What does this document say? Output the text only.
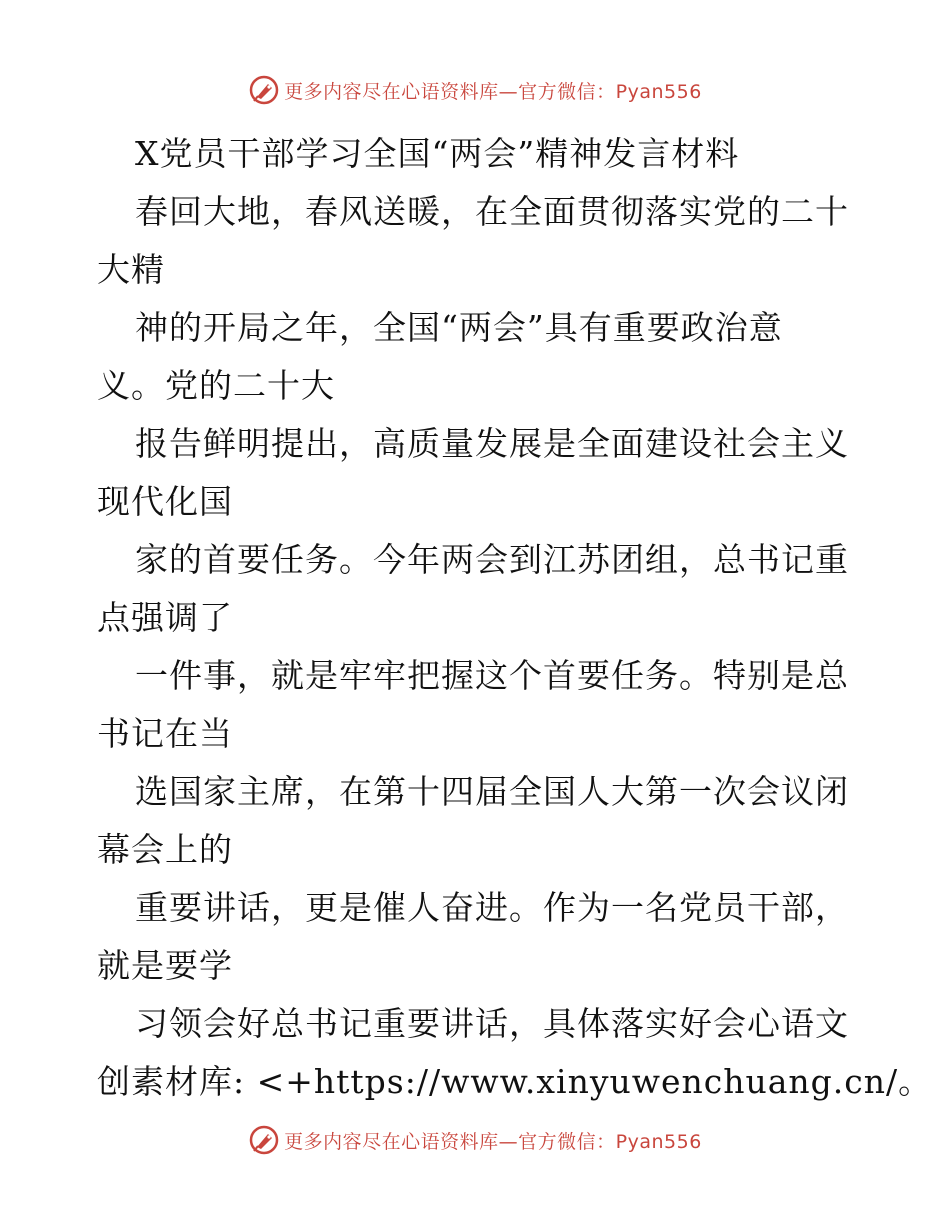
更多内容尽在心语资料库—官方微信：Pyan556
X党员干部学习全国“两会”精神发言材料
春回大地，春风送暖，在全面贯彻落实党的二十
大精
神的开局之年，全国“两会”具有重要政治意
义。党的二十大
报告鲜明提出，高质量发展是全面建设社会主义
现代化国
家的首要任务。今年两会到江苏团组，总书记重
点强调了
一件事，就是牢牢把握这个首要任务。特别是总
书记在当
选国家主席，在第十四届全国人大第一次会议闭
幕会上的
重要讲话，更是催人奋进。作为一名党员干部，
就是要学
习领会好总书记重要讲话，具体落实好会心语文
创素材库: <+https://www.xinyuwenchuang.cn/。
更多内容尽在心语资料库—官方微信：Pyan556
